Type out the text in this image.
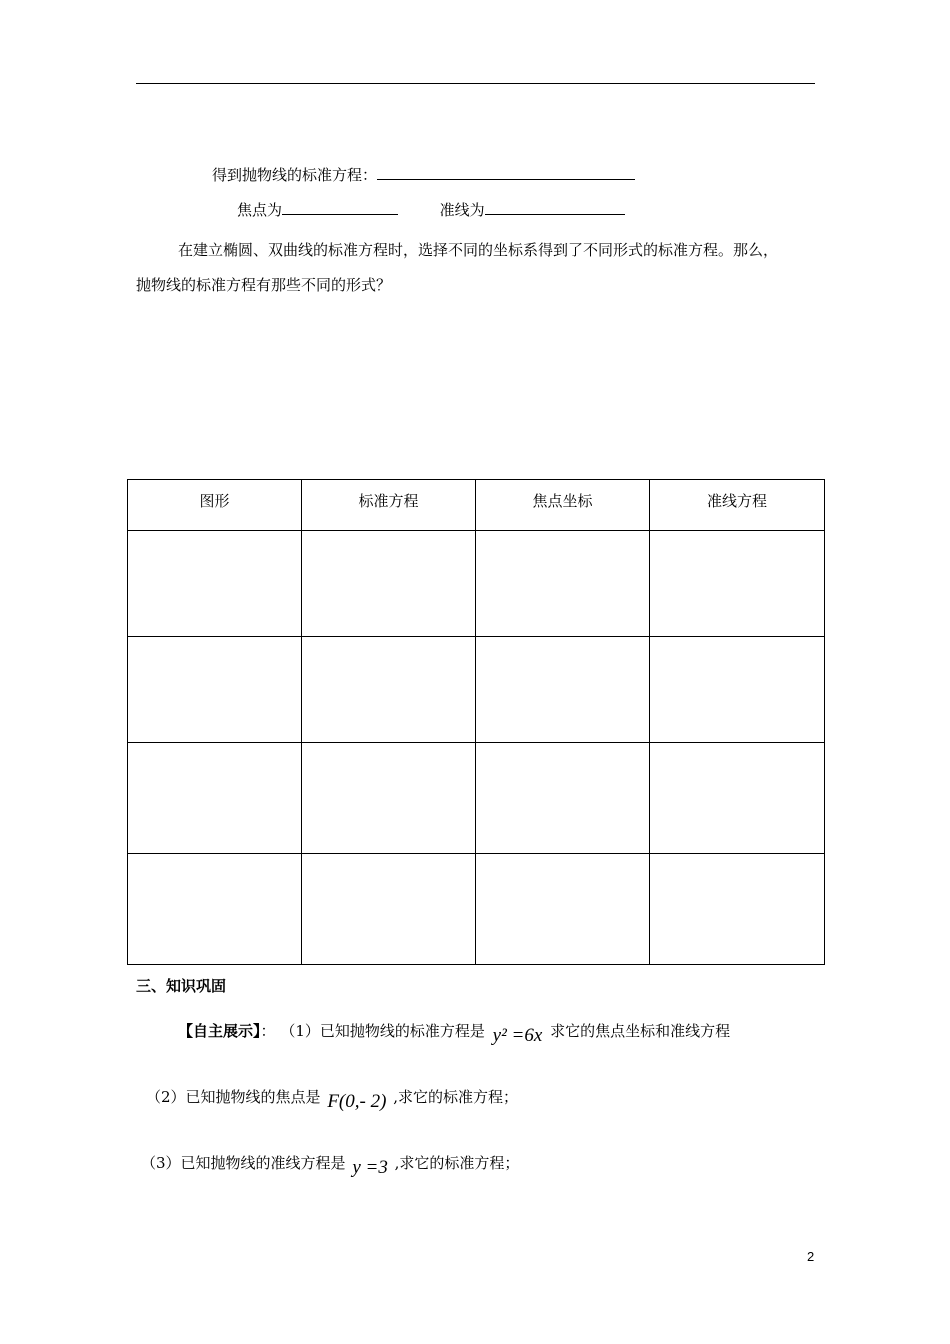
得到抛物线的标准方程：
焦点为	准线为
在建立椭圆、双曲线的标准方程时，选择不同的坐标系得到了不同形式的标准方程。那么，
抛物线的标准方程有那些不同的形式？
图形	标准方程	焦点坐标	准线方程

三、知识巩固
【自主展示】： （1）已知抛物线的标准方程是 y² =6x 求它的焦点坐标和准线方程
（2）已知抛物线的焦点是 F(0,- 2) ,求它的标准方程；
（3）已知抛物线的准线方程是 y =3 ,求它的标准方程；
2
